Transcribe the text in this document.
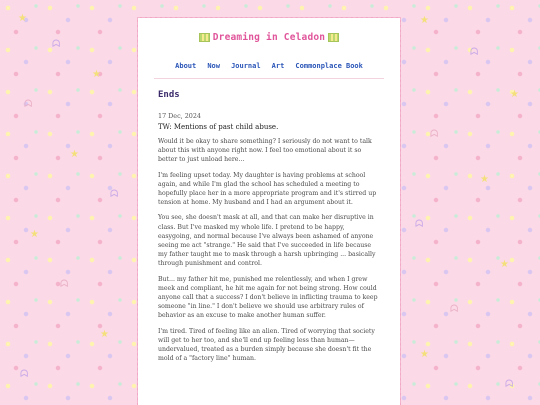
★
ᗣ
★
ᗣ
★
ᗣ
★
ᗣ
★
ᗣ
★
ᗣ
★
ᗣ
★
ᗣ
★
ᗣ
★
ᗣ
Dreaming in Celadon
About Now Journal Art Commonplace Book
Ends
17 Dec, 2024
TW: Mentions of past child abuse.

Would it be okay to share something? I seriously do not want to talk about this with anyone right now. I feel too emotional about it so better to just unload here...

I'm feeling upset today. My daughter is having problems at school again, and while I'm glad the school has scheduled a meeting to hopefully place her in a more appropriate program and it's stirred up tension at home. My husband and I had an argument about it.

You see, she doesn't mask at all, and that can make her disruptive in class. But I've masked my whole life. I pretend to be happy, easygoing, and normal because I've always been ashamed of anyone seeing me act "strange." He said that I've succeeded in life because my father taught me to mask through a harsh upbringing ... basically through punishment and control.

But... my father hit me, punished me relentlessly, and when I grew meek and compliant, he hit me again for not being strong. How could anyone call that a success? I don't believe in inflicting trauma to keep someone "in line." I don't believe we should use arbitrary rules of behavior as an excuse to make another human suffer.

I'm tired. Tired of feeling like an alien. Tired of worrying that society will get to her too, and she'll end up feeling less than human—undervalued, treated as a burden simply because she doesn't fit the mold of a "factory line" human.
